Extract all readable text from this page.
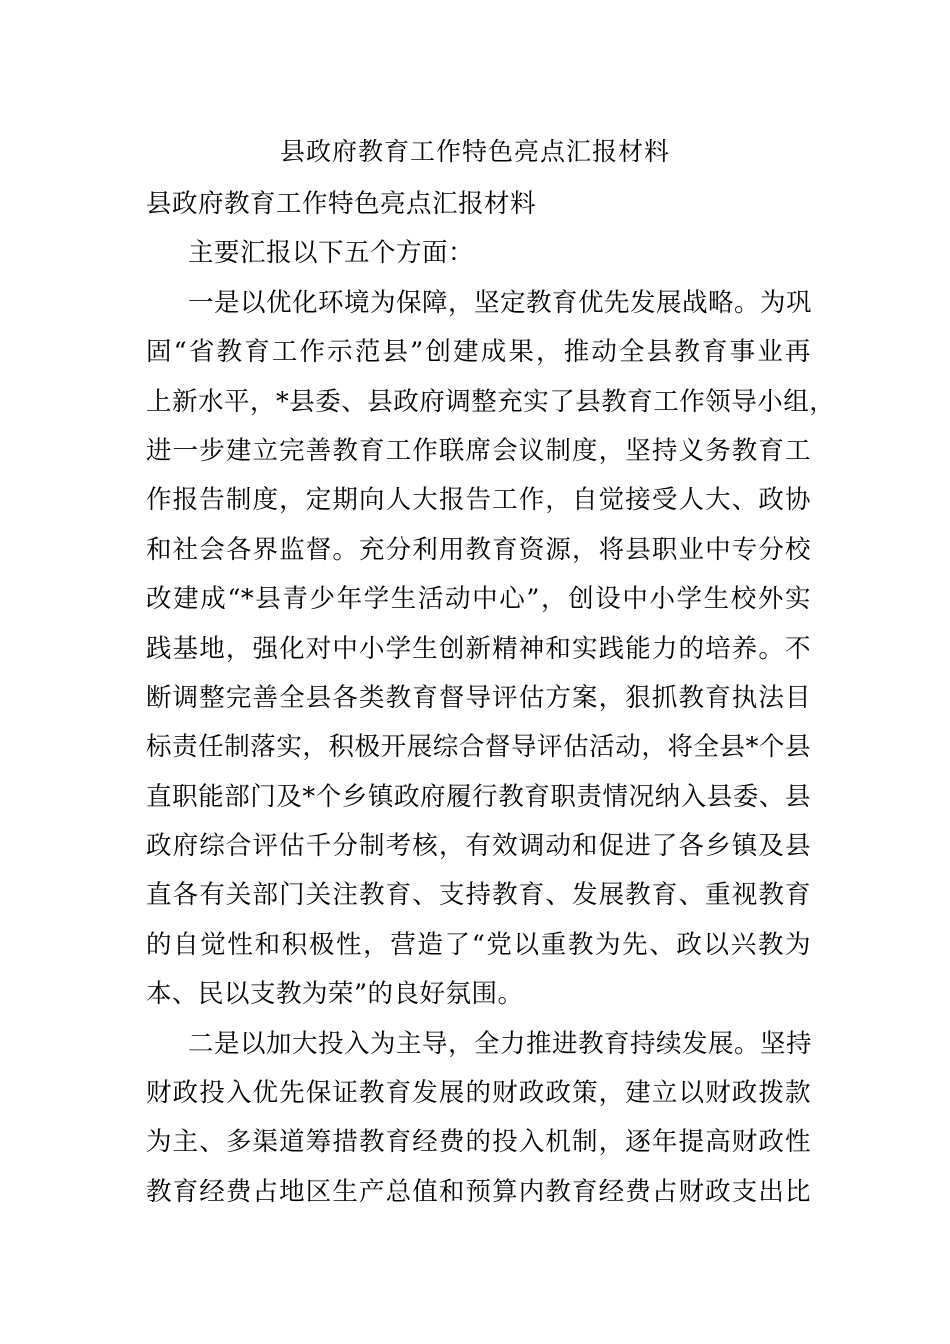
县政府教育工作特色亮点汇报材料
县政府教育工作特色亮点汇报材料
主要汇报以下五个方面：
一是以优化环境为保障，坚定教育优先发展战略。为巩
固“省教育工作示范县”创建成果，推动全县教育事业再
上新水平，*县委、县政府调整充实了县教育工作领导小组，
进一步建立完善教育工作联席会议制度，坚持义务教育工
作报告制度，定期向人大报告工作，自觉接受人大、政协
和社会各界监督。充分利用教育资源，将县职业中专分校
改建成“*县青少年学生活动中心”，创设中小学生校外实
践基地，强化对中小学生创新精神和实践能力的培养。不
断调整完善全县各类教育督导评估方案，狠抓教育执法目
标责任制落实，积极开展综合督导评估活动，将全县*个县
直职能部门及*个乡镇政府履行教育职责情况纳入县委、县
政府综合评估千分制考核，有效调动和促进了各乡镇及县
直各有关部门关注教育、支持教育、发展教育、重视教育
的自觉性和积极性，营造了“党以重教为先、政以兴教为
本、民以支教为荣”的良好氛围。
二是以加大投入为主导，全力推进教育持续发展。坚持
财政投入优先保证教育发展的财政政策，建立以财政拨款
为主、多渠道筹措教育经费的投入机制，逐年提高财政性
教育经费占地区生产总值和预算内教育经费占财政支出比
